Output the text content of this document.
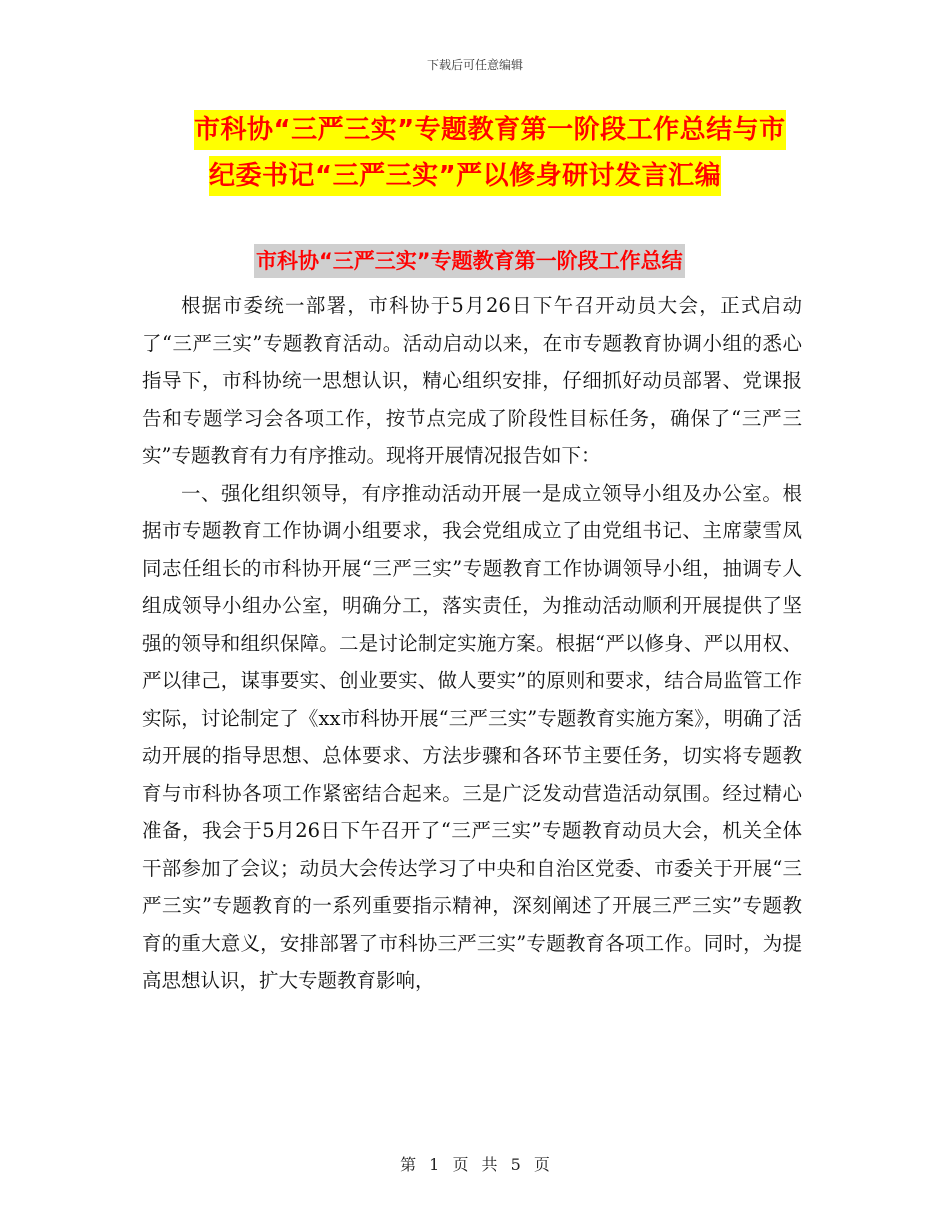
下载后可任意编辑
市科协“三严三实”专题教育第一阶段工作总结与市
纪委书记“三严三实”严以修身研讨发言汇编
市科协“三严三实”专题教育第一阶段工作总结

根据市委统一部署，市科协于5月26日下午召开动员大会，正式启动了“三严三实”专题教育活动。活动启动以来，在市专题教育协调小组的悉心指导下，市科协统一思想认识，精心组织安排，仔细抓好动员部署、党课报告和专题学习会各项工作，按节点完成了阶段性目标任务，确保了“三严三实”专题教育有力有序推动。现将开展情况报告如下：

一、强化组织领导，有序推动活动开展一是成立领导小组及办公室。根据市专题教育工作协调小组要求，我会党组成立了由党组书记、主席蒙雪凤同志任组长的市科协开展“三严三实”专题教育工作协调领导小组，抽调专人组成领导小组办公室，明确分工，落实责任，为推动活动顺利开展提供了坚强的领导和组织保障。二是讨论制定实施方案。根据“严以修身、严以用权、严以律己，谋事要实、创业要实、做人要实”的原则和要求，结合局监管工作实际，讨论制定了《xx市科协开展“三严三实”专题教育实施方案》，明确了活动开展的指导思想、总体要求、方法步骤和各环节主要任务，切实将专题教育与市科协各项工作紧密结合起来。三是广泛发动营造活动氛围。经过精心准备，我会于5月26日下午召开了“三严三实”专题教育动员大会，机关全体干部参加了会议；动员大会传达学习了中央和自治区党委、市委关于开展“三严三实”专题教育的一系列重要指示精神，深刻阐述了开展三严三实”专题教育的重大意义，安排部署了市科协三严三实”专题教育各项工作。同时，为提高思想认识，扩大专题教育影响，

第 1 页 共 5 页
